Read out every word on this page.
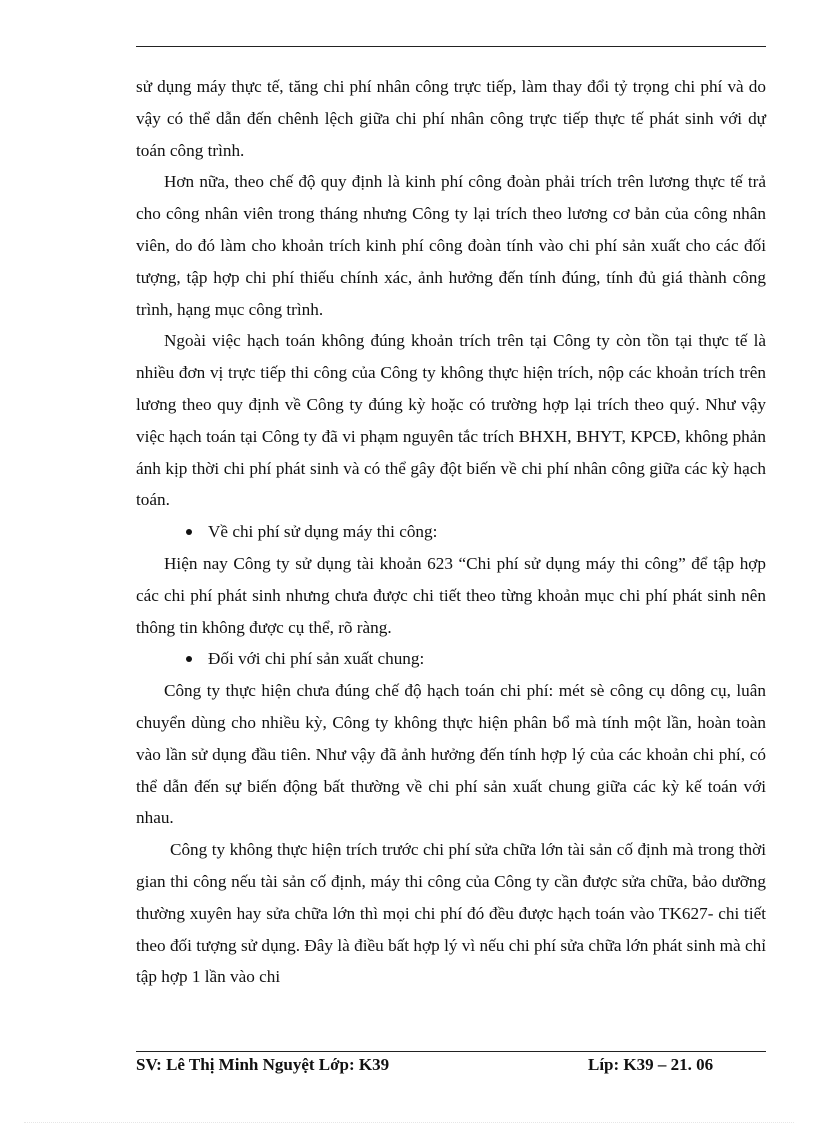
sử dụng máy thực tế, tăng chi phí nhân công trực tiếp, làm thay đổi tỷ trọng chi phí và do vậy có thể dẫn đến chênh lệch giữa chi phí nhân công trực tiếp thực tế phát sinh với dự toán công trình.

Hơn nữa, theo chế độ quy định là kinh phí công đoàn phải trích trên lương thực tế trả cho công nhân viên trong tháng nhưng Công ty lại trích theo lương cơ bản của công nhân viên, do đó làm cho khoản trích kinh phí công đoàn tính vào chi phí sản xuất cho các đối tượng, tập hợp chi phí thiếu chính xác, ảnh hưởng đến tính đúng, tính đủ giá thành công trình, hạng mục công trình.

Ngoài việc hạch toán không đúng khoản trích trên tại Công ty còn tồn tại thực tế là nhiều đơn vị trực tiếp thi công của Công ty không thực hiện trích, nộp các khoản trích trên lương theo quy định về Công ty đúng kỳ hoặc có trường hợp lại trích theo quý. Như vậy việc hạch toán tại Công ty đã vi phạm nguyên tắc trích BHXH, BHYT, KPCĐ, không phản ánh kịp thời chi phí phát sinh và có thể gây đột biến về chi phí nhân công giữa các kỳ hạch toán.

Về chi phí sử dụng máy thi công:

Hiện nay Công ty sử dụng tài khoản 623 “Chi phí sử dụng máy thi công” để tập hợp các chi phí phát sinh nhưng chưa được chi tiết theo từng khoản mục chi phí phát sinh nên thông tin không được cụ thể, rõ ràng.

Đối với chi phí sản xuất chung:

Công ty thực hiện chưa đúng chế độ hạch toán chi phí: mét sè công cụ dông cụ, luân chuyển dùng cho nhiều kỳ, Công ty không thực hiện phân bổ mà tính một lần, hoàn toàn vào lần sử dụng đầu tiên. Như vậy đã ảnh hưởng đến tính hợp lý của các khoản chi phí, có thể dẫn đến sự biến động bất thường về chi phí sản xuất chung giữa các kỳ kế toán với nhau.

Công ty không thực hiện trích trước chi phí sửa chữa lớn tài sản cố định mà trong thời gian thi công nếu tài sản cố định, máy thi công của Công ty cần được sửa chữa, bảo dưỡng thường xuyên hay sửa chữa lớn thì mọi chi phí đó đều được hạch toán vào TK627- chi tiết theo đối tượng sử dụng. Đây là điều bất hợp lý vì nếu chi phí sửa chữa lớn phát sinh mà chỉ tập hợp 1 lần vào chi

SV: Lê Thị Minh Nguyệt Lớp: K39	Líp: K39 – 21. 06
